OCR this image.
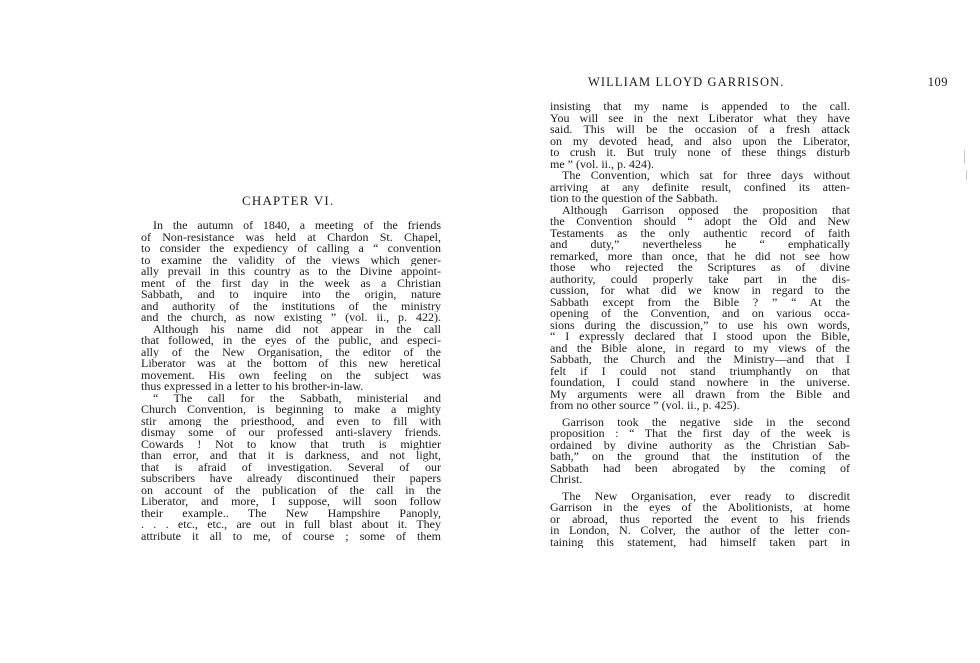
CHAPTER VI.
In the autumn of 1840, a meeting of the friends
of Non-resistance was held at Chardon St. Chapel,
to consider the expediency of calling a “ convention
to examine the validity of the views which gener-
ally prevail in this country as to the Divine appoint-
ment of the first day in the week as a Christian
Sabbath, and to inquire into the origin, nature
and authority of the institutions of the ministry
and the church, as now existing ” (vol. ii., p. 422).
Although his name did not appear in the call
that followed, in the eyes of the public, and especi-
ally of the New Organisation, the editor of the
Liberator was at the bottom of this new heretical
movement. His own feeling on the subject was
thus expressed in a letter to his brother-in-law.
“ The call for the Sabbath, ministerial and
Church Convention, is beginning to make a mighty
stir among the priesthood, and even to fill with
dismay some of our professed anti-slavery friends.
Cowards ! Not to know that truth is mightier
than error, and that it is darkness, and not light,
that is afraid of investigation. Several of our
subscribers have already discontinued their papers
on account of the publication of the call in the
Liberator, and more, I suppose, will soon follow
their example.. The New Hampshire Panoply,
. . . etc., etc., are out in full blast about it. They
attribute it all to me, of course ; some of them
WILLIAM LLOYD GARRISON.	109
insisting that my name is appended to the call.
You will see in the next Liberator what they have
said. This will be the occasion of a fresh attack
on my devoted head, and also upon the Liberator,
to crush it. But truly none of these things disturb
me ” (vol. ii., p. 424).
The Convention, which sat for three days without
arriving at any definite result, confined its atten-
tion to the question of the Sabbath.
Although Garrison opposed the proposition that
the Convention should “ adopt the Old and New
Testaments as the only authentic record of faith
and duty,” nevertheless he “ emphatically
remarked, more than once, that he did not see how
those who rejected the Scriptures as of divine
authority, could properly take part in the dis-
cussion, for what did we know in regard to the
Sabbath except from the Bible ? ” “ At the
opening of the Convention, and on various occa-
sions during the discussion,” to use his own words,
“ I expressly declared that I stood upon the Bible,
and the Bible alone, in regard to my views of the
Sabbath, the Church and the Ministry—and that I
felt if I could not stand triumphantly on that
foundation, I could stand nowhere in the universe.
My arguments were all drawn from the Bible and
from no other source ” (vol. ii., p. 425).
Garrison took the negative side in the second
proposition : “ That the first day of the week is
ordained by divine authority as the Christian Sab-
bath,” on the ground that the institution of the
Sabbath had been abrogated by the coming of
Christ.
The New Organisation, ever ready to discredit
Garrison in the eyes of the Abolitionists, at home
or abroad, thus reported the event to his friends
in London, N. Colver, the author of the letter con-
taining this statement, had himself taken part in
